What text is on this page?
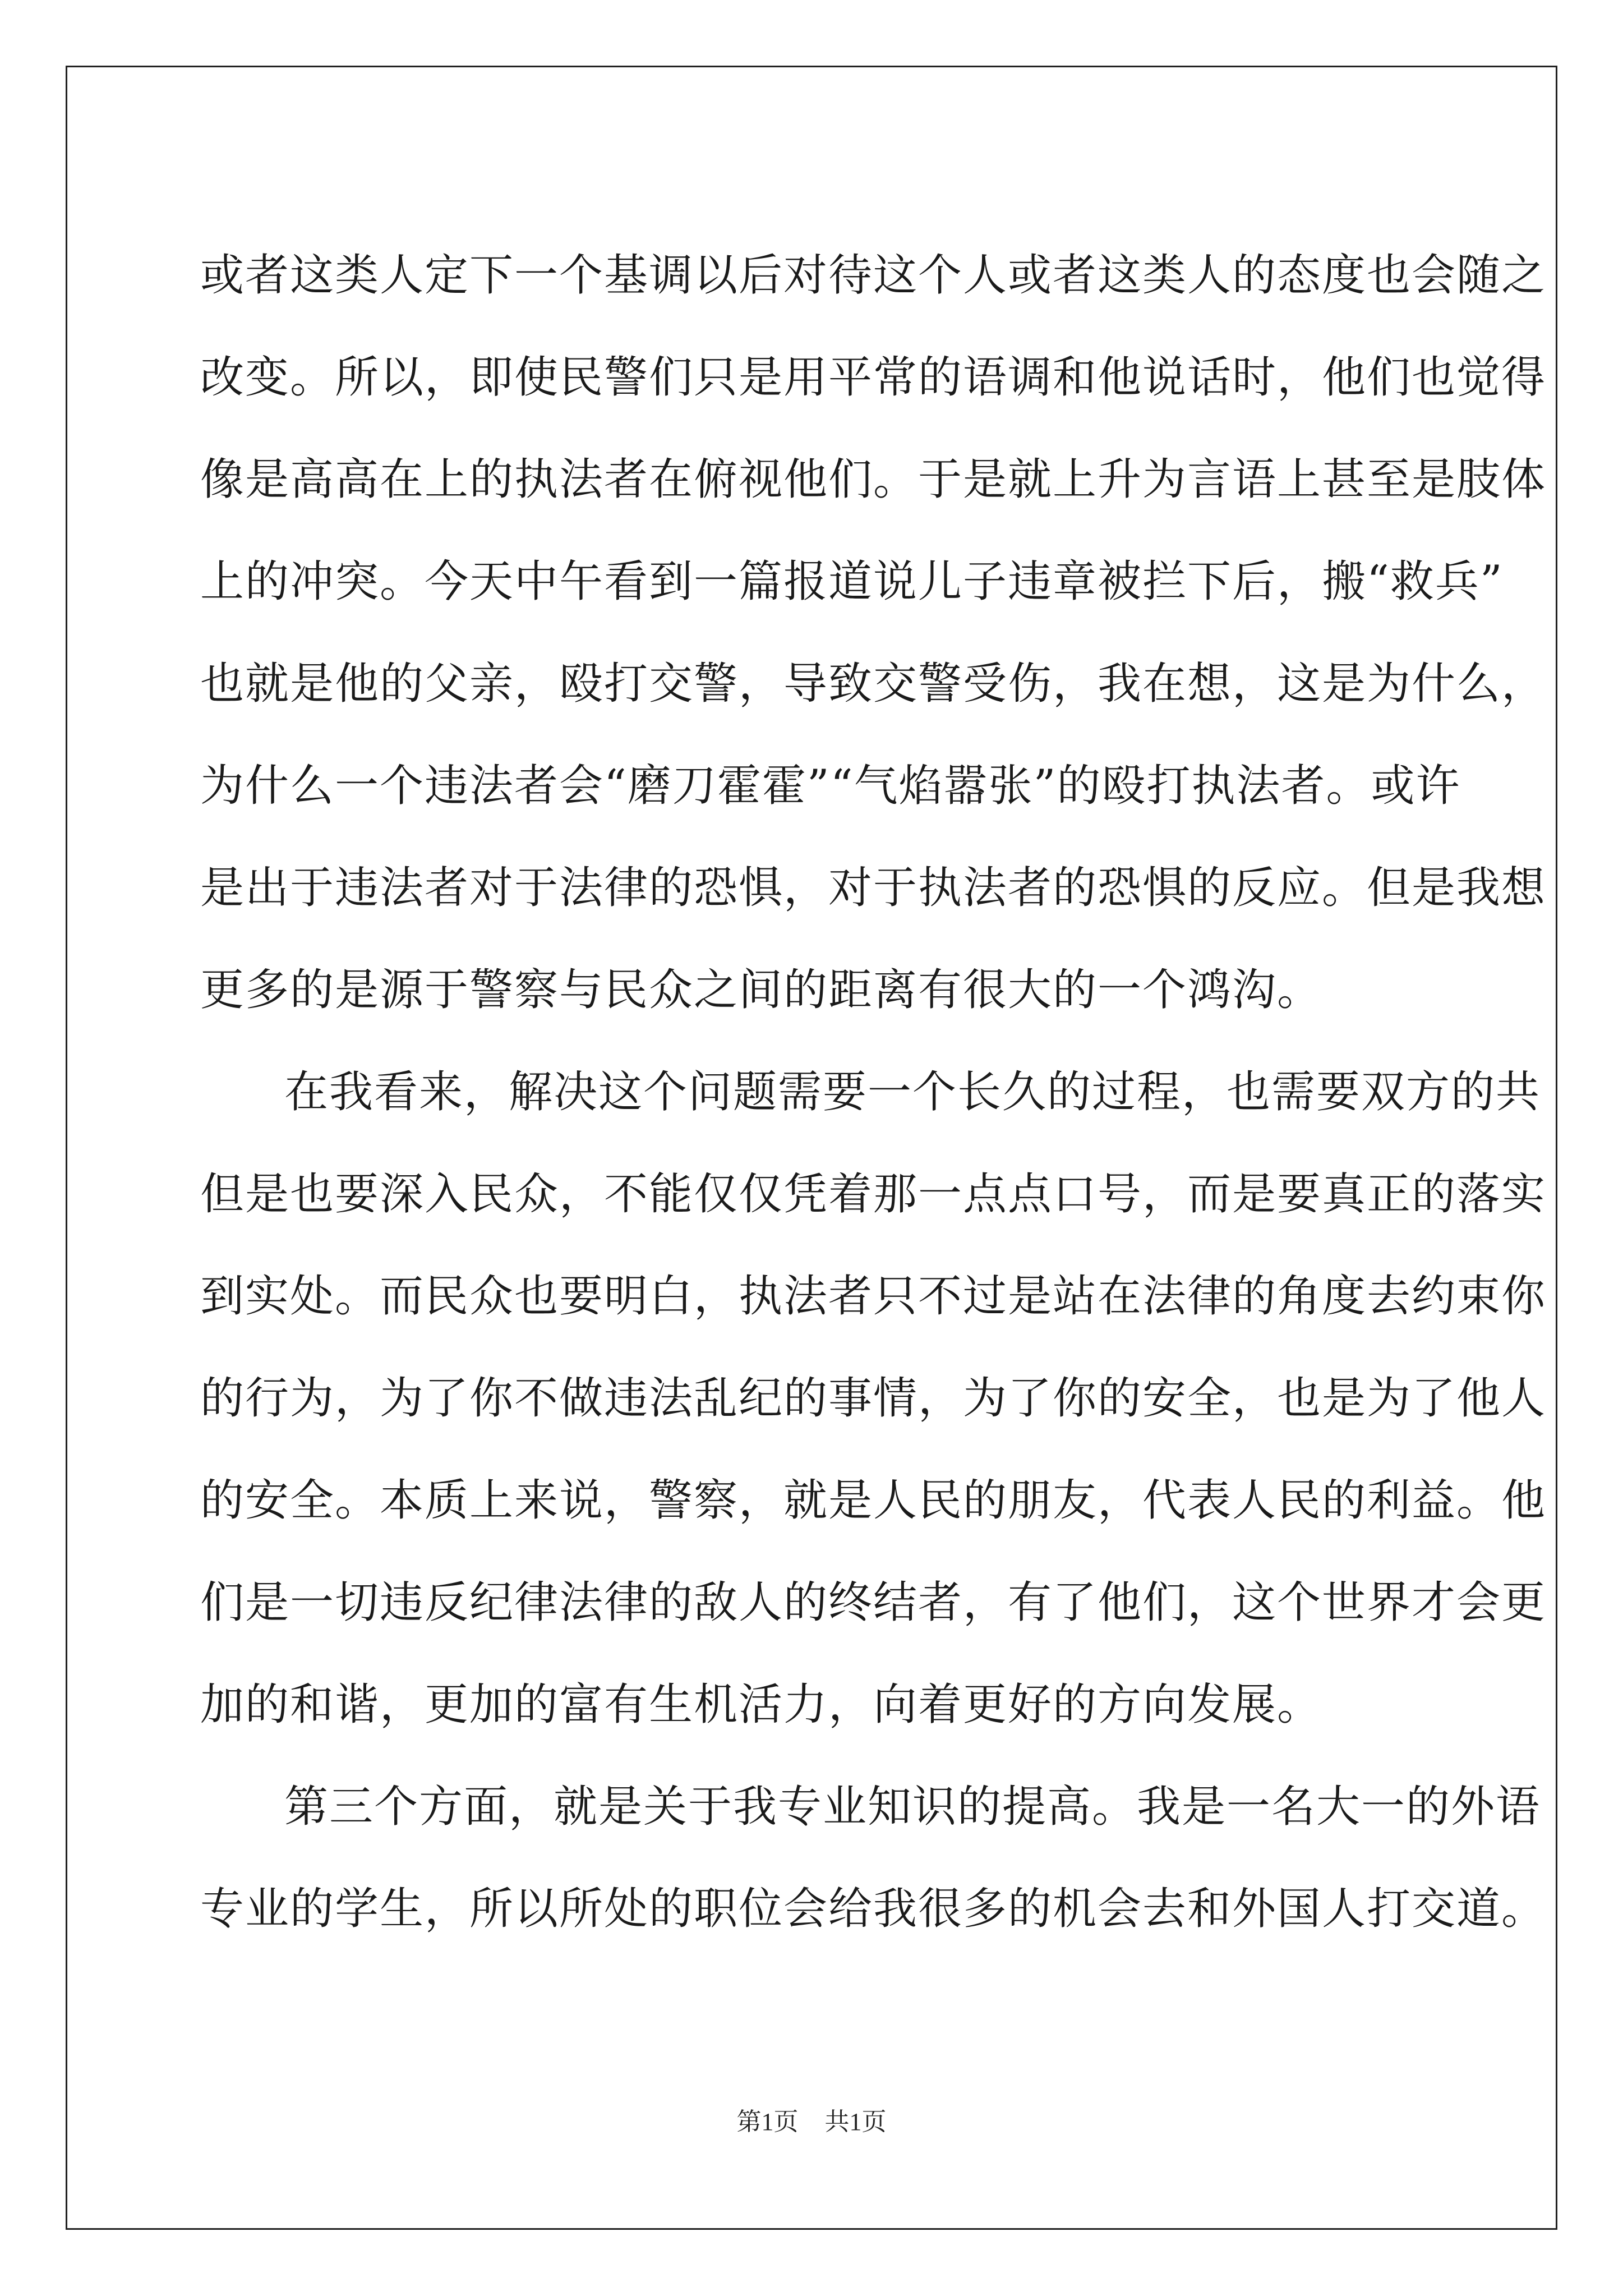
或者这类人定下一个基调以后对待这个人或者这类人的态度也会随之
改变。所以，即使民警们只是用平常的语调和他说话时，他们也觉得
像是高高在上的执法者在俯视他们。于是就上升为言语上甚至是肢体
上的冲突。今天中午看到一篇报道说儿子违章被拦下后，搬“救兵”
也就是他的父亲，殴打交警，导致交警受伤，我在想，这是为什么，
为什么一个违法者会“磨刀霍霍”“气焰嚣张”的殴打执法者。或许
是出于违法者对于法律的恐惧，对于执法者的恐惧的反应。但是我想
更多的是源于警察与民众之间的距离有很大的一个鸿沟。

在我看来，解决这个问题需要一个长久的过程，也需要双方的共
但是也要深入民众，不能仅仅凭着那一点点口号，而是要真正的落实
到实处。而民众也要明白，执法者只不过是站在法律的角度去约束你
的行为，为了你不做违法乱纪的事情，为了你的安全，也是为了他人
的安全。本质上来说，警察，就是人民的朋友，代表人民的利益。他
们是一切违反纪律法律的敌人的终结者，有了他们，这个世界才会更
加的和谐，更加的富有生机活力，向着更好的方向发展。

第三个方面，就是关于我专业知识的提高。我是一名大一的外语
专业的学生，所以所处的职位会给我很多的机会去和外国人打交道。

第1页 共1页
